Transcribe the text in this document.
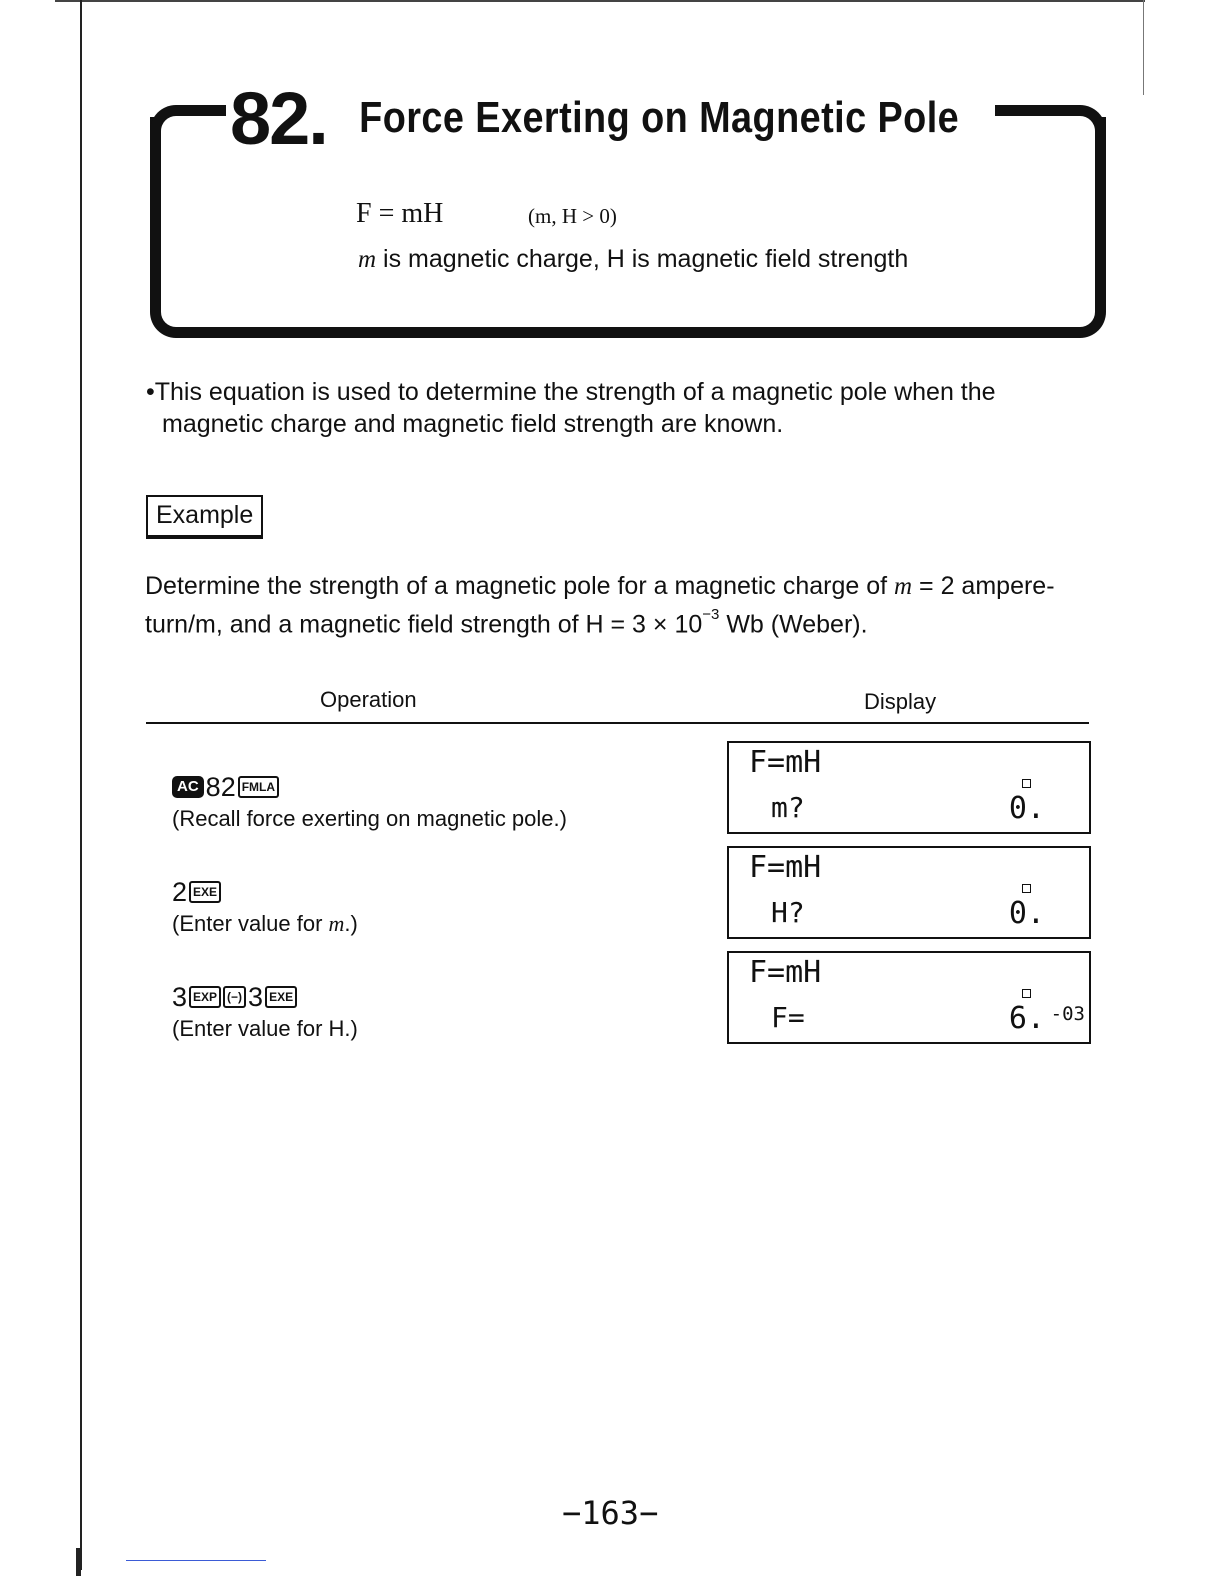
82. Force Exerting on Magnetic Pole
F = mH	(m, H > 0)
m is magnetic charge, H is magnetic field strength
•This equation is used to determine the strength of a magnetic pole when the
magnetic charge and magnetic field strength are known.
Example
Determine the strength of a magnetic pole for a magnetic charge of m = 2 ampere-
turn/m, and a magnetic field strength of $H = 3 \times 10^{-3}$ Wb (Weber).
Operation	Display
AC 82 FMLA
(Recall force exerting on magnetic pole.)
F=mH
m?	0.
2 EXE
(Enter value for m.)
F=mH
H?	0.
3 EXP (−) 3 EXE
(Enter value for H.)
F=mH
F=	6. -03
−163−
